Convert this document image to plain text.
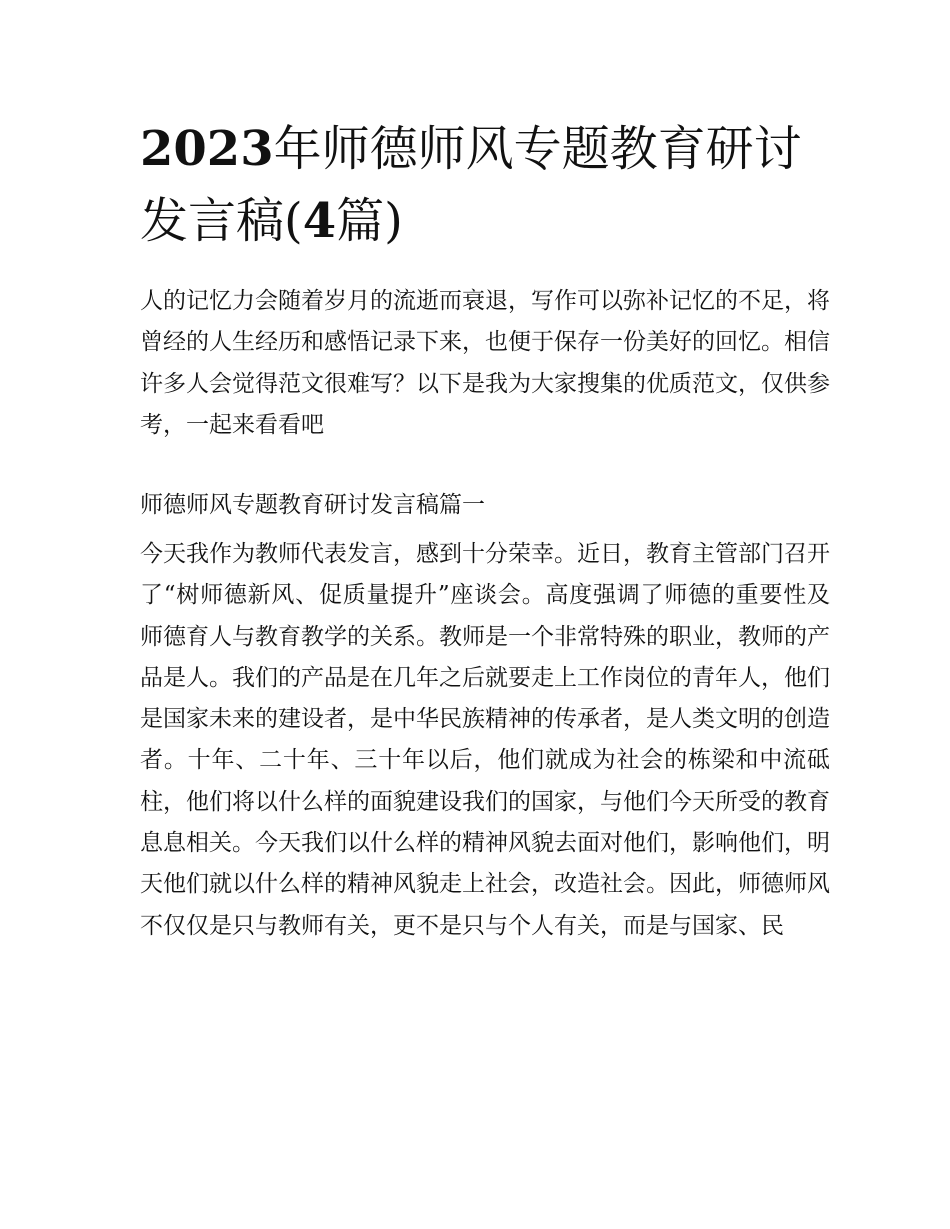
2023年师德师风专题教育研讨发言稿(4篇)

人的记忆力会随着岁月的流逝而衰退，写作可以弥补记忆的不足，将曾经的人生经历和感悟记录下来，也便于保存一份美好的回忆。相信许多人会觉得范文很难写？以下是我为大家搜集的优质范文，仅供参考，一起来看看吧

师德师风专题教育研讨发言稿篇一

今天我作为教师代表发言，感到十分荣幸。近日，教育主管部门召开了“树师德新风、促质量提升”座谈会。高度强调了师德的重要性及师德育人与教育教学的关系。教师是一个非常特殊的职业，教师的产品是人。我们的产品是在几年之后就要走上工作岗位的青年人，他们是国家未来的建设者，是中华民族精神的传承者，是人类文明的创造者。十年、二十年、三十年以后，他们就成为社会的栋梁和中流砥柱，他们将以什么样的面貌建设我们的国家，与他们今天所受的教育息息相关。今天我们以什么样的精神风貌去面对他们，影响他们，明天他们就以什么样的精神风貌走上社会，改造社会。因此，师德师风不仅仅是只与教师有关，更不是只与个人有关，而是与国家、民
